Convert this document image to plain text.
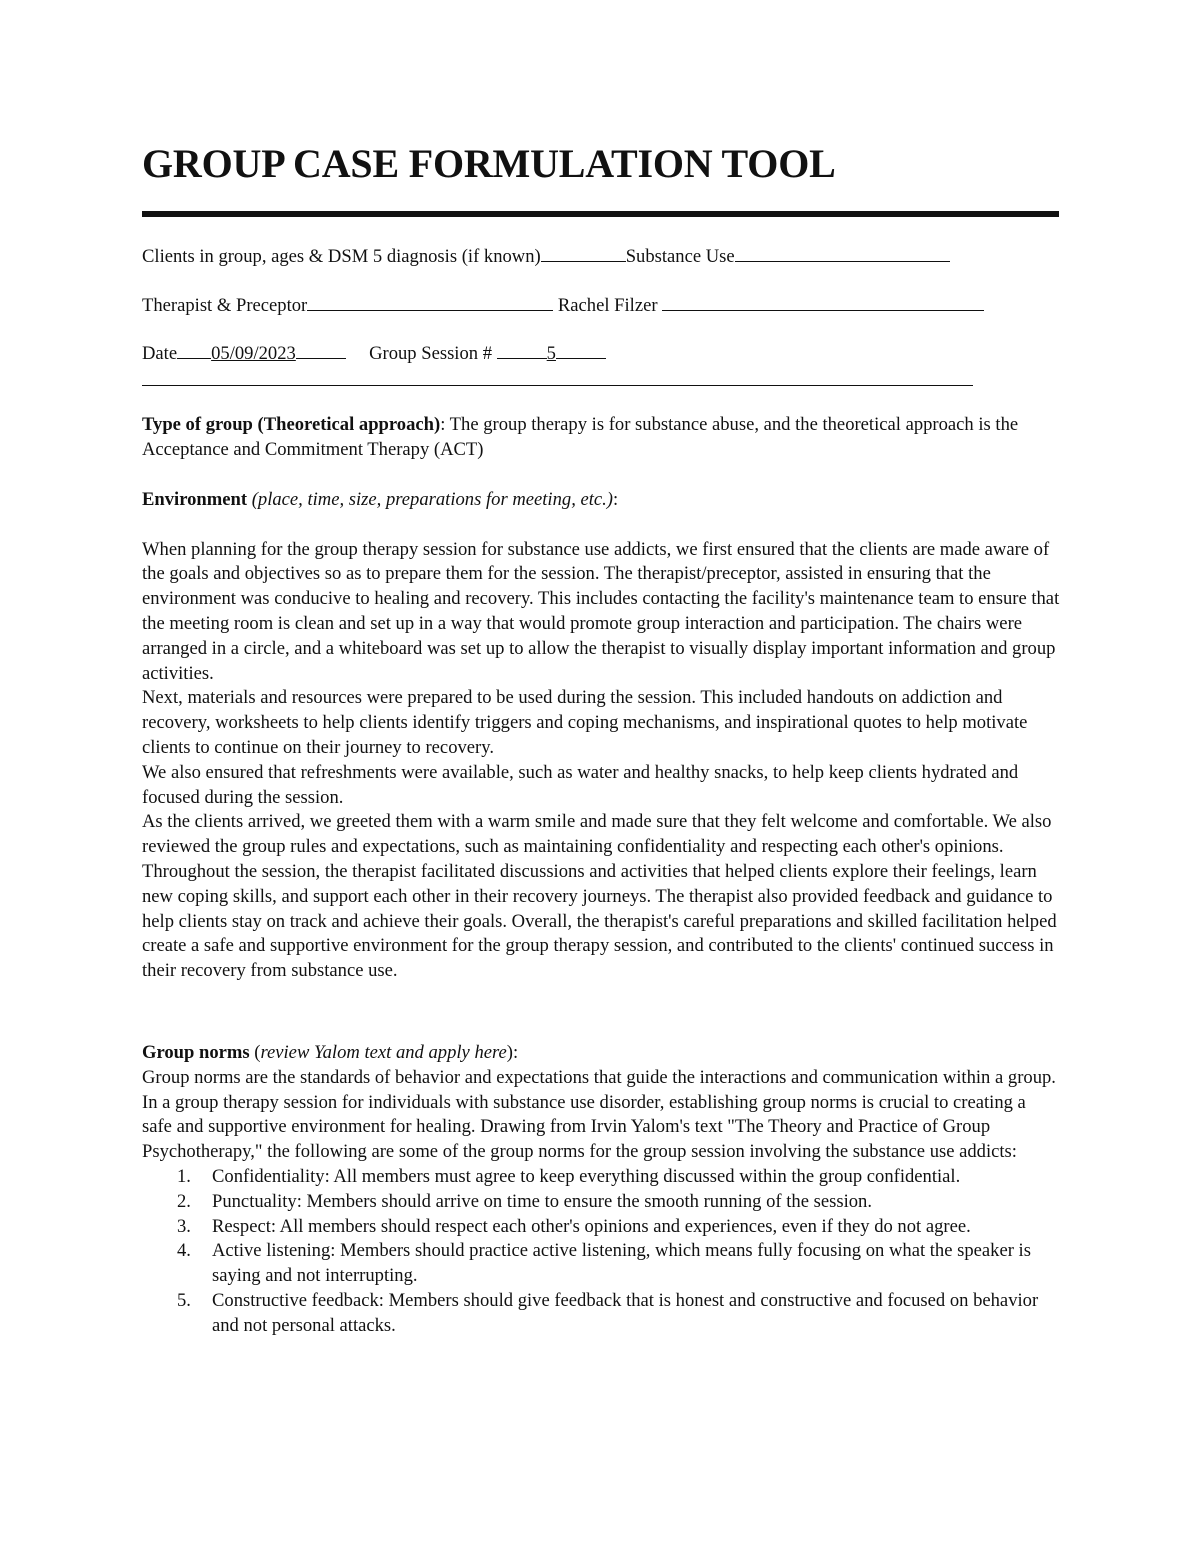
GROUP CASE FORMULATION TOOL
Clients in group, ages & DSM 5 diagnosis (if known)	Substance Use
Therapist & Preceptor	Rachel Filzer
Date 05/09/2023	Group Session #	5

Type of group (Theoretical approach): The group therapy is for substance abuse, and the theoretical approach is the Acceptance and Commitment Therapy (ACT)

Environment (place, time, size, preparations for meeting, etc.):

When planning for the group therapy session for substance use addicts, we first ensured that the clients are made aware of the goals and objectives so as to prepare them for the session. The therapist/preceptor, assisted in ensuring that the environment was conducive to healing and recovery. This includes contacting the facility's maintenance team to ensure that the meeting room is clean and set up in a way that would promote group interaction and participation. The chairs were arranged in a circle, and a whiteboard was set up to allow the therapist to visually display important information and group activities.

Next, materials and resources were prepared to be used during the session. This included handouts on addiction and recovery, worksheets to help clients identify triggers and coping mechanisms, and inspirational quotes to help motivate clients to continue on their journey to recovery.

We also ensured that refreshments were available, such as water and healthy snacks, to help keep clients hydrated and focused during the session.

As the clients arrived, we greeted them with a warm smile and made sure that they felt welcome and comfortable. We also reviewed the group rules and expectations, such as maintaining confidentiality and respecting each other's opinions. Throughout the session, the therapist facilitated discussions and activities that helped clients explore their feelings, learn new coping skills, and support each other in their recovery journeys. The therapist also provided feedback and guidance to help clients stay on track and achieve their goals. Overall, the therapist's careful preparations and skilled facilitation helped create a safe and supportive environment for the group therapy session, and contributed to the clients' continued success in their recovery from substance use.

Group norms (review Yalom text and apply here):

Group norms are the standards of behavior and expectations that guide the interactions and communication within a group. In a group therapy session for individuals with substance use disorder, establishing group norms is crucial to creating a safe and supportive environment for healing. Drawing from Irvin Yalom's text "The Theory and Practice of Group Psychotherapy," the following are some of the group norms for the group session involving the substance use addicts:

1. Confidentiality: All members must agree to keep everything discussed within the group confidential.
2. Punctuality: Members should arrive on time to ensure the smooth running of the session.
3. Respect: All members should respect each other's opinions and experiences, even if they do not agree.
4. Active listening: Members should practice active listening, which means fully focusing on what the speaker is saying and not interrupting.
5. Constructive feedback: Members should give feedback that is honest and constructive and focused on behavior and not personal attacks.
